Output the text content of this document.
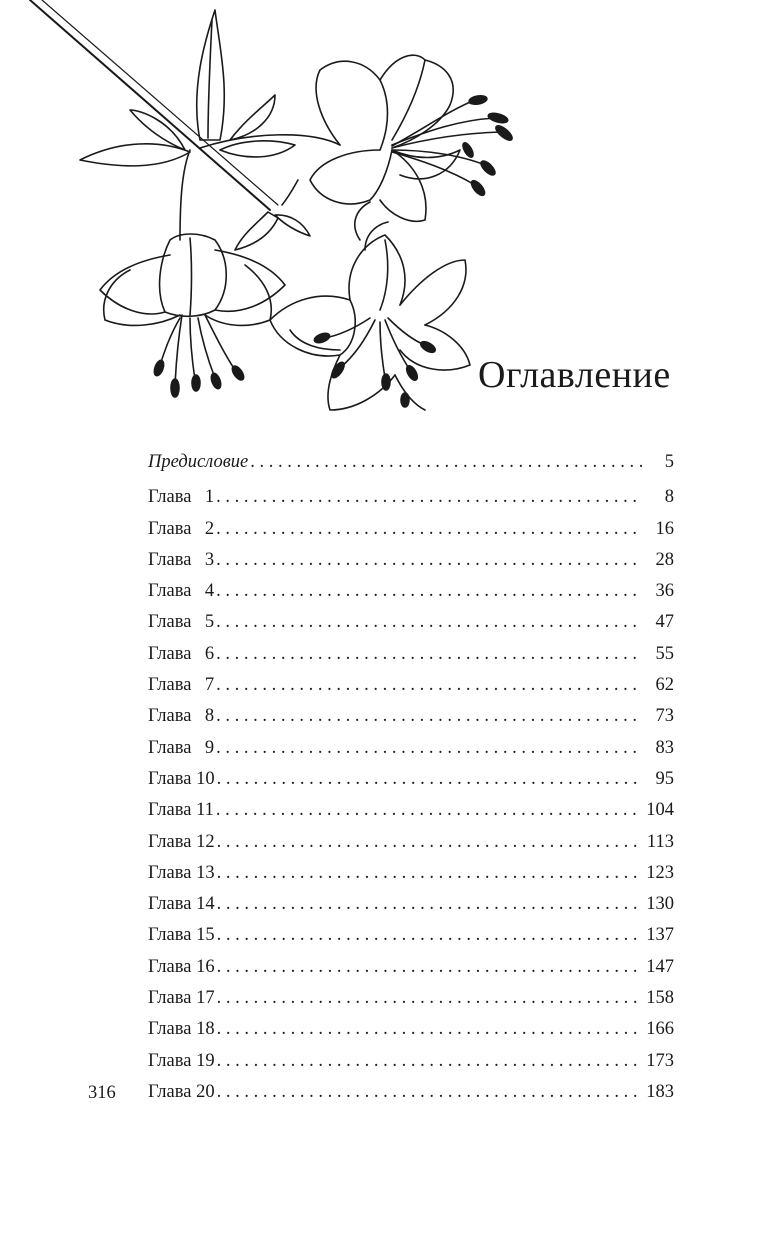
Оглавление
Предисловие . . .	5
Глава 1 . . .	8
Глава 2 . . .	16
Глава 3 . . .	28
Глава 4 . . .	36
Глава 5 . . .	47
Глава 6 . . .	55
Глава 7 . . .	62
Глава 8 . . .	73
Глава 9 . . .	83
Глава 10 . . .	95
Глава 11 . . .	104
Глава 12 . . .	113
Глава 13 . . .	123
Глава 14 . . .	130
Глава 15 . . .	137
Глава 16 . . .	147
Глава 17 . . .	158
Глава 18 . . .	166
Глава 19 . . .	173
Глава 20 . . .	183
316
